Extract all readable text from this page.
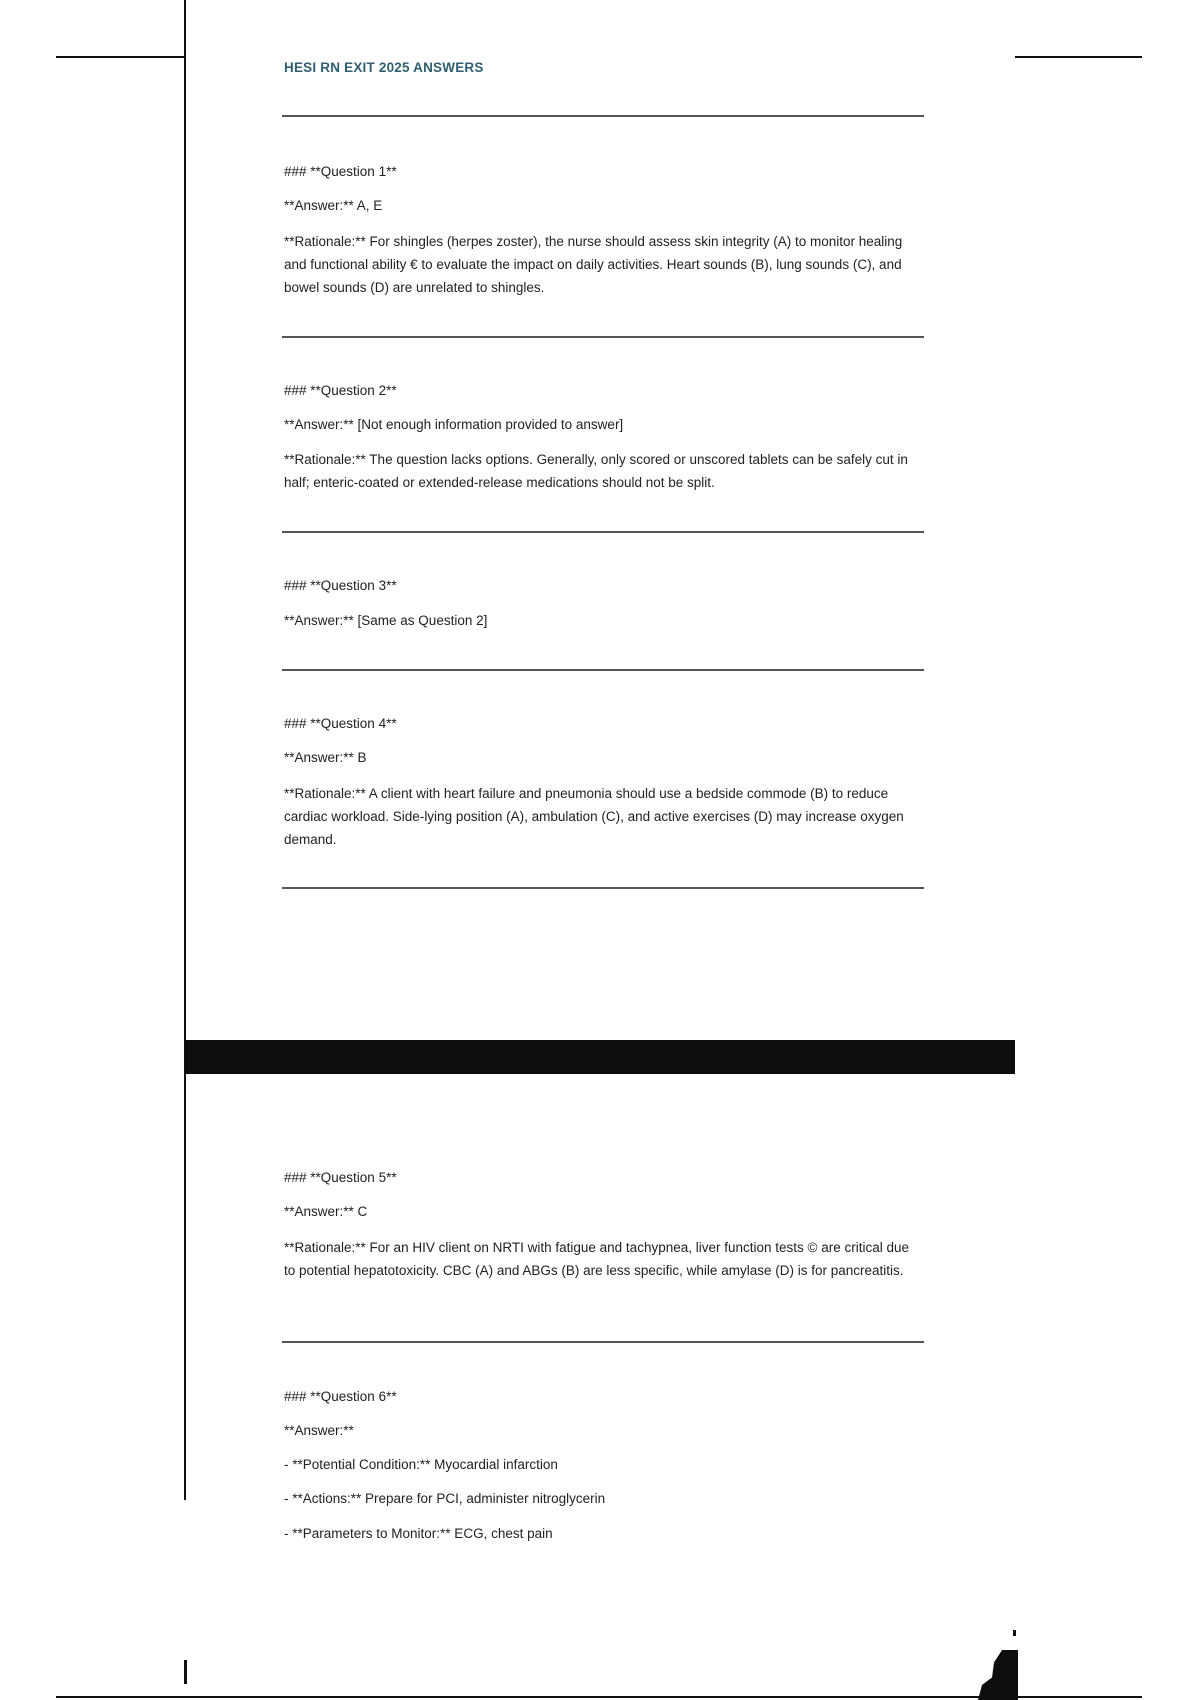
HESI RN EXIT 2025 ANSWERS
### **Question 1**
**Answer:** A, E
**Rationale:** For shingles (herpes zoster), the nurse should assess skin integrity (A) to monitor healing and functional ability € to evaluate the impact on daily activities. Heart sounds (B), lung sounds (C), and bowel sounds (D) are unrelated to shingles.
### **Question 2**
**Answer:** [Not enough information provided to answer]
**Rationale:** The question lacks options. Generally, only scored or unscored tablets can be safely cut in half; enteric-coated or extended-release medications should not be split.
### **Question 3**
**Answer:** [Same as Question 2]
### **Question 4**
**Answer:** B
**Rationale:** A client with heart failure and pneumonia should use a bedside commode (B) to reduce cardiac workload. Side-lying position (A), ambulation (C), and active exercises (D) may increase oxygen demand.
### **Question 5**
**Answer:** C
**Rationale:** For an HIV client on NRTI with fatigue and tachypnea, liver function tests © are critical due to potential hepatotoxicity. CBC (A) and ABGs (B) are less specific, while amylase (D) is for pancreatitis.
### **Question 6**
**Answer:**
- **Potential Condition:** Myocardial infarction
- **Actions:** Prepare for PCI, administer nitroglycerin
- **Parameters to Monitor:** ECG, chest pain
